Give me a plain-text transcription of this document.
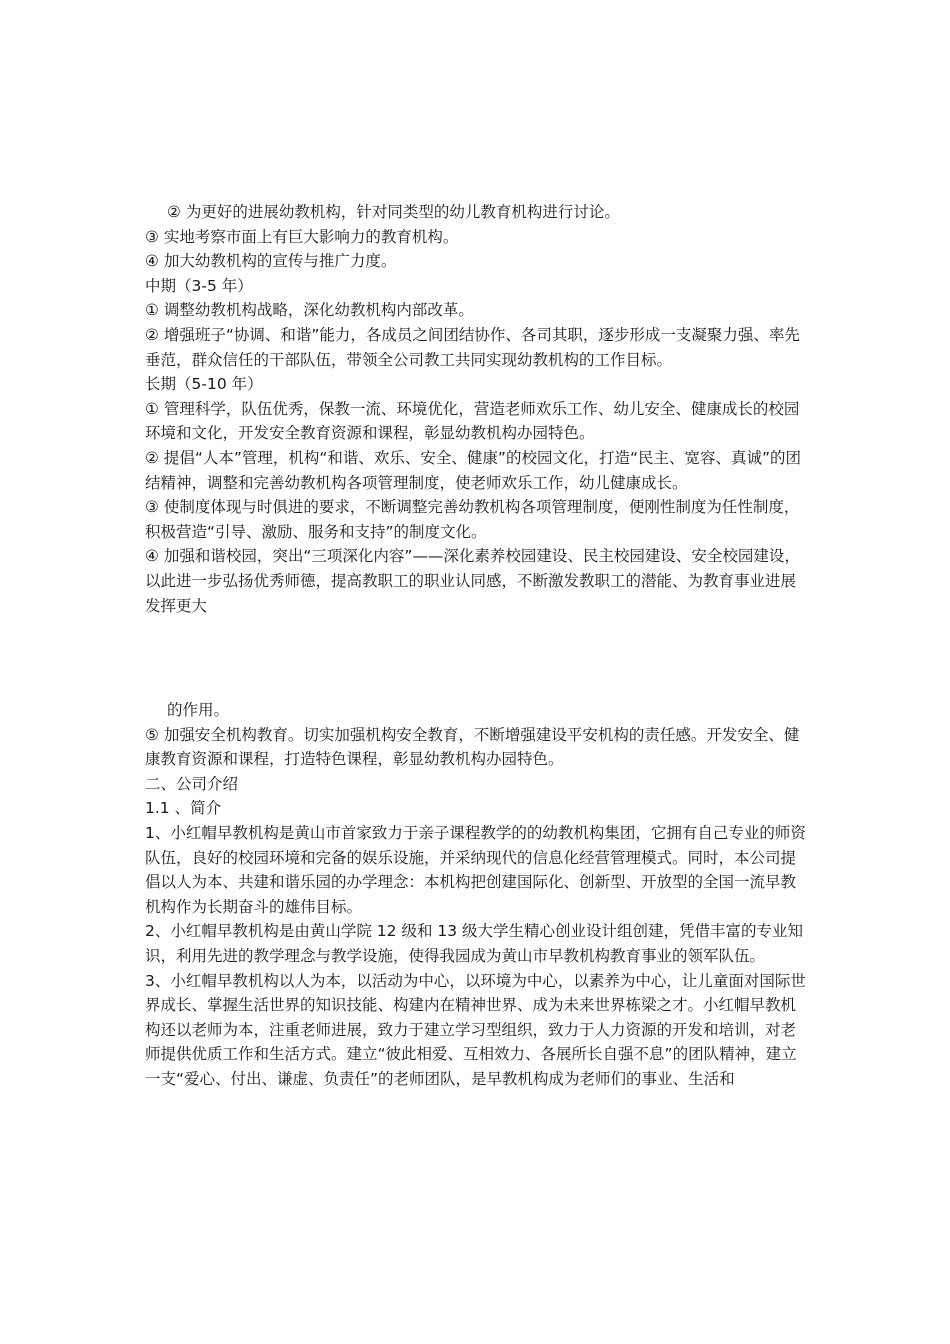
② 为更好的进展幼教机构，针对同类型的幼儿教育机构进行讨论。

③ 实地考察市面上有巨大影响力的教育机构。

④ 加大幼教机构的宣传与推广力度。

中期（3-5 年）

① 调整幼教机构战略，深化幼教机构内部改革。

② 增强班子“协调、和谐”能力，各成员之间团结协作、各司其职，逐步形成一支凝聚力强、率先垂范，群众信任的干部队伍，带领全公司教工共同实现幼教机构的工作目标。

长期（5-10 年）

① 管理科学，队伍优秀，保教一流、环境优化，营造老师欢乐工作、幼儿安全、健康成长的校园环境和文化，开发安全教育资源和课程，彰显幼教机构办园特色。

② 提倡“人本”管理，机构“和谐、欢乐、安全、健康”的校园文化，打造“民主、宽容、真诚”的团结精神，调整和完善幼教机构各项管理制度，使老师欢乐工作，幼儿健康成长。

③ 使制度体现与时俱进的要求，不断调整完善幼教机构各项管理制度，便刚性制度为任性制度，积极营造“引导、激励、服务和支持”的制度文化。

④ 加强和谐校园，突出“三项深化内容”——深化素养校园建设、民主校园建设、安全校园建设，以此进一步弘扬优秀师德，提高教职工的职业认同感，不断激发教职工的潜能、为教育事业进展发挥更大

的作用。

⑤ 加强安全机构教育。切实加强机构安全教育，不断增强建设平安机构的责任感。开发安全、健康教育资源和课程，打造特色课程，彰显幼教机构办园特色。

二、公司介绍

1.1 、简介

1、小红帽早教机构是黄山市首家致力于亲子课程教学的的幼教机构集团，它拥有自己专业的师资队伍，良好的校园环境和完备的娱乐设施，并采纳现代的信息化经营管理模式。同时，本公司提倡以人为本、共建和谐乐园的办学理念：本机构把创建国际化、创新型、开放型的全国一流早教机构作为长期奋斗的雄伟目标。

2、小红帽早教机构是由黄山学院 12 级和 13 级大学生精心创业设计组创建，凭借丰富的专业知识，利用先进的教学理念与教学设施，使得我园成为黄山市早教机构教育事业的领军队伍。

3、小红帽早教机构以人为本，以活动为中心，以环境为中心，以素养为中心，让儿童面对国际世界成长、掌握生活世界的知识技能、构建内在精神世界、成为未来世界栋梁之才。小红帽早教机构还以老师为本，注重老师进展，致力于建立学习型组织，致力于人力资源的开发和培训，对老师提供优质工作和生活方式。建立“彼此相爱、互相效力、各展所长自强不息”的团队精神，建立一支“爱心、付出、谦虚、负责任”的老师团队，是早教机构成为老师们的事业、生活和
